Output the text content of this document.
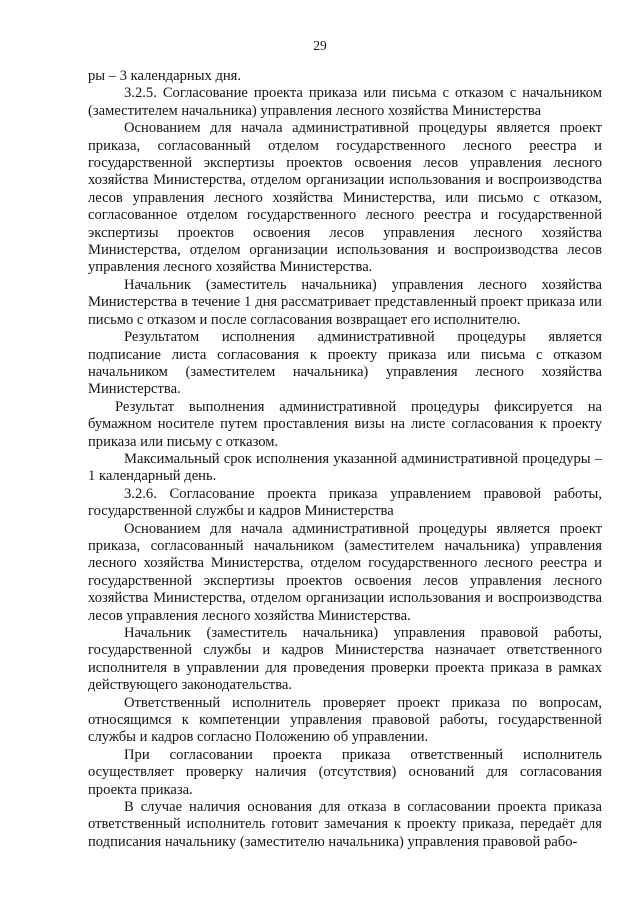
29

ры – 3 календарных дня.

3.2.5. Согласование проекта приказа или письма с отказом с начальником (заместителем начальника) управления лесного хозяйства Министерства

Основанием для начала административной процедуры является проект приказа, согласованный отделом государственного лесного реестра и государственной экспертизы проектов освоения лесов управления лесного хозяйства Министерства, отделом организации использования и воспроизводства лесов управления лесного хозяйства Министерства, или письмо с отказом, согласованное отделом государственного лесного реестра и государственной экспертизы проектов освоения лесов управления лесного хозяйства Министерства, отделом организации использования и воспроизводства лесов управления лесного хозяйства Министерства.

Начальник (заместитель начальника) управления лесного хозяйства Министерства в течение 1 дня рассматривает представленный проект приказа или письмо с отказом и после согласования возвращает его исполнителю.

Результатом исполнения административной процедуры является подписание листа согласования к проекту приказа или письма с отказом начальником (заместителем начальника) управления лесного хозяйства Министерства.

Результат выполнения административной процедуры фиксируется на бумажном носителе путем проставления визы на листе согласования к проекту приказа или письму с отказом.

Максимальный срок исполнения указанной административной процедуры – 1 календарный день.

3.2.6. Согласование проекта приказа управлением правовой работы, государственной службы и кадров Министерства

Основанием для начала административной процедуры является проект приказа, согласованный начальником (заместителем начальника) управления лесного хозяйства Министерства, отделом государственного лесного реестра и государственной экспертизы проектов освоения лесов управления лесного хозяйства Министерства, отделом организации использования и воспроизводства лесов управления лесного хозяйства Министерства.

Начальник (заместитель начальника) управления правовой работы, государственной службы и кадров Министерства назначает ответственного исполнителя в управлении для проведения проверки проекта приказа в рамках действующего законодательства.

Ответственный исполнитель проверяет проект приказа по вопросам, относящимся к компетенции управления правовой работы, государственной службы и кадров согласно Положению об управлении.

При согласовании проекта приказа ответственный исполнитель осуществляет проверку наличия (отсутствия) оснований для согласования проекта приказа.

В случае наличия основания для отказа в согласовании проекта приказа ответственный исполнитель готовит замечания к проекту приказа, передаёт для подписания начальнику (заместителю начальника) управления правовой рабо-
